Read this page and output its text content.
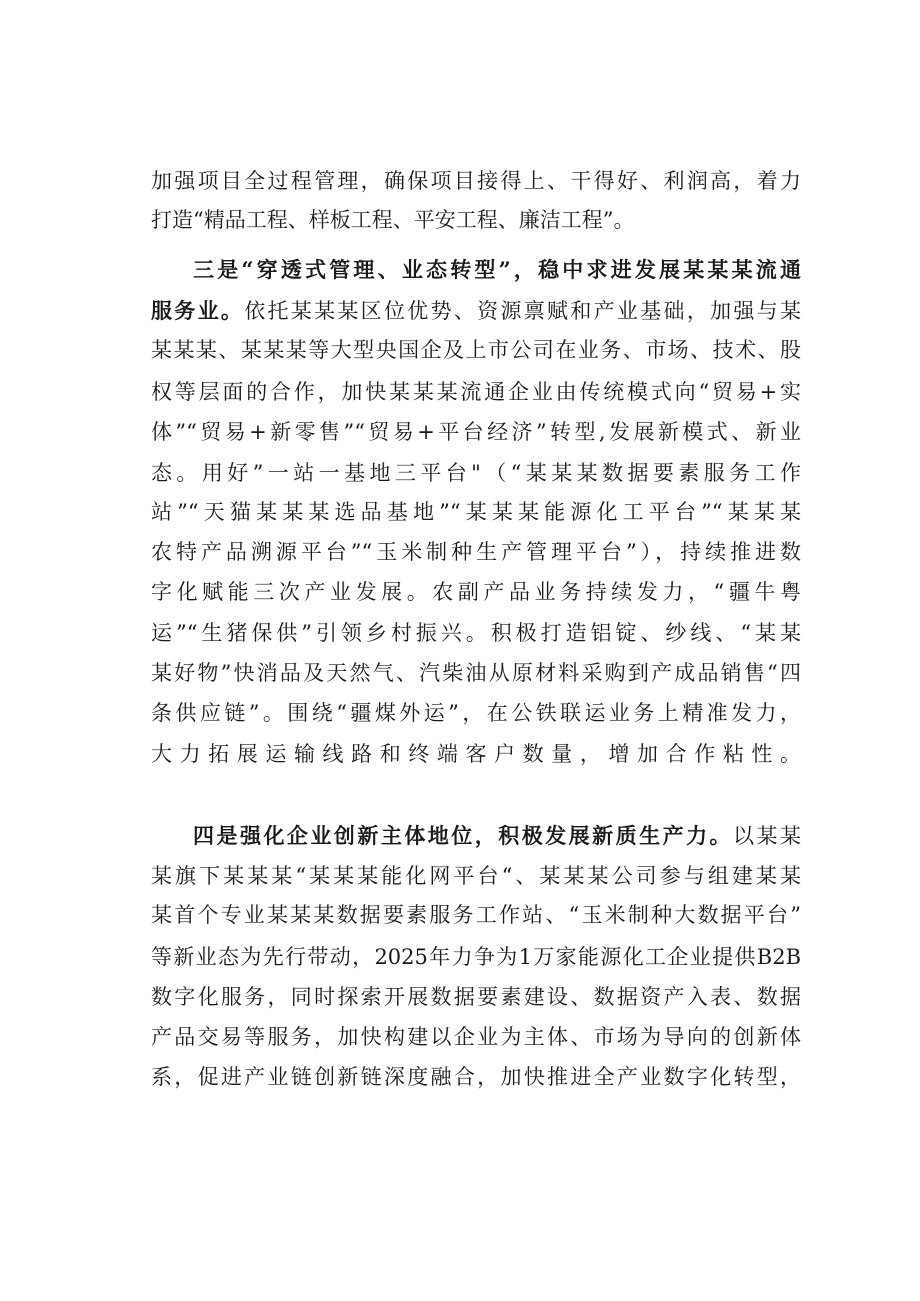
加强项目全过程管理，确保项目接得上、干得好、利润高，着力
打造“精品工程、样板工程、平安工程、廉洁工程”。
三是“穿透式管理、业态转型”，稳中求进发展某某某流通
服务业。依托某某某区位优势、资源禀赋和产业基础，加强与某
某某某、某某某等大型央国企及上市公司在业务、市场、技术、股
权等层面的合作，加快某某某流通企业由传统模式向“贸易+实
体”“贸易+新零售”“贸易+平台经济”转型,发展新模式、新业
态。用好”一站一基地三平台"（“某某某数据要素服务工作
站”“天猫某某某选品基地”“某某某能源化工平台”“某某某
农特产品溯源平台”“玉米制种生产管理平台”），持续推进数
字化赋能三次产业发展。农副产品业务持续发力，“疆牛粤
运”“生猪保供”引领乡村振兴。积极打造铝锭、纱线、“某某
某好物”快消品及天然气、汽柴油从原材料采购到产成品销售“四
条供应链”。围绕“疆煤外运”，在公铁联运业务上精准发力，
大力拓展运输线路和终端客户数量，增加合作粘性。
四是强化企业创新主体地位，积极发展新质生产力。以某某
某旗下某某某“某某某能化网平台“、某某某公司参与组建某某
某首个专业某某某数据要素服务工作站、“玉米制种大数据平台”
等新业态为先行带动，2025年力争为1万家能源化工企业提供B2B
数字化服务，同时探索开展数据要素建设、数据资产入表、数据
产品交易等服务，加快构建以企业为主体、市场为导向的创新体
系，促进产业链创新链深度融合，加快推进全产业数字化转型，
